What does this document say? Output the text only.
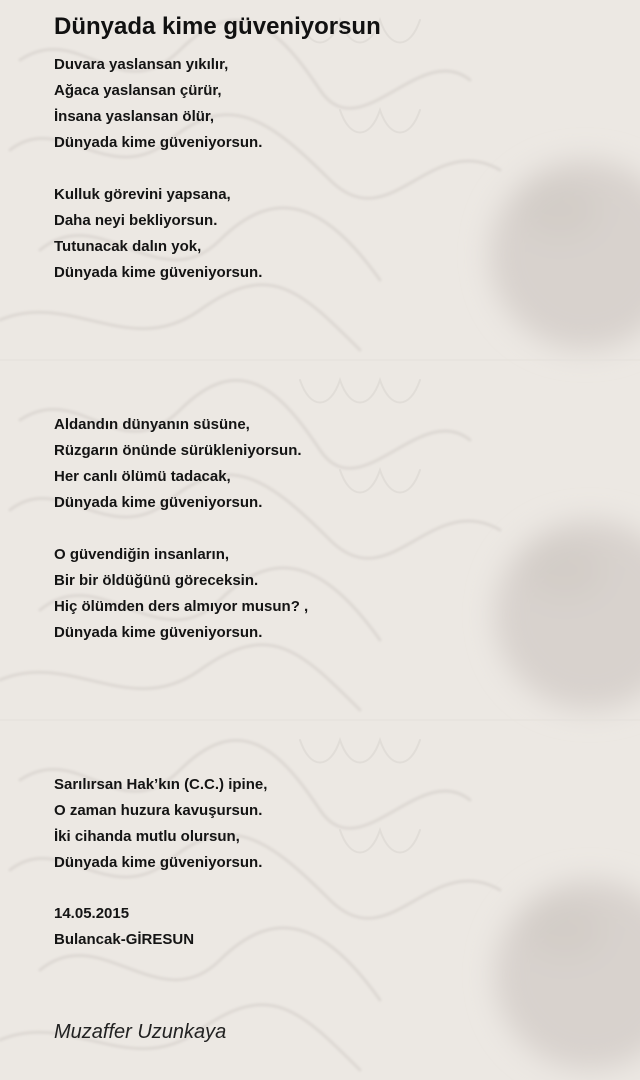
Dünyada kime güveniyorsun

Duvara yaslansan yıkılır,
Ağaca yaslansan çürür,
İnsana yaslansan ölür,
Dünyada kime güveniyorsun.

Kulluk görevini yapsana,
Daha neyi bekliyorsun.
Tutunacak dalın yok,
Dünyada kime güveniyorsun.

Aldandın dünyanın süsüne,
Rüzgarın önünde sürükleniyorsun.
Her canlı ölümü tadacak,
Dünyada kime güveniyorsun.

O güvendiğin insanların,
Bir bir öldüğünü göreceksin.
Hiç ölümden ders almıyor musun? ,
Dünyada kime güveniyorsun.

Sarılırsan Hak’kın (C.C.) ipine,
O zaman huzura kavuşursun.
İki cihanda mutlu olursun,
Dünyada kime güveniyorsun.

14.05.2015
Bulancak-GİRESUN
Muzaffer Uzunkaya
